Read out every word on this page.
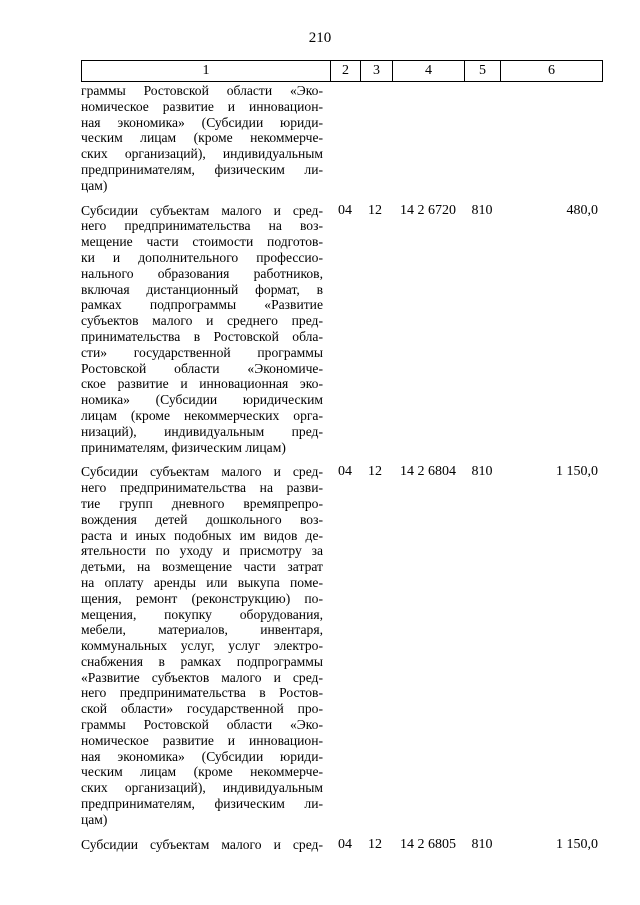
210
1	2	3	4	5	6
граммы Ростовской области «Эко-
номическое развитие и инновацион-
ная экономика» (Субсидии юриди-
ческим лицам (кроме некоммерче-
ских организаций), индивидуальным
предпринимателям, физическим ли-
цам)
Субсидии субъектам малого и сред-
него предпринимательства на воз-
мещение части стоимости подготов-
ки и дополнительного профессио-
нального образования работников,
включая дистанционный формат, в
рамках подпрограммы «Развитие
субъектов малого и среднего пред-
принимательства в Ростовской обла-
сти» государственной программы
Ростовской области «Экономиче-
ское развитие и инновационная эко-
номика» (Субсидии юридическим
лицам (кроме некоммерческих орга-
низаций), индивидуальным пред-
принимателям, физическим лицам)
04	12	14 2 6720	810	480,0
Субсидии субъектам малого и сред-
него предпринимательства на разви-
тие групп дневного времяпрепро-
вождения детей дошкольного воз-
раста и иных подобных им видов де-
ятельности по уходу и присмотру за
детьми, на возмещение части затрат
на оплату аренды или выкупа поме-
щения, ремонт (реконструкцию) по-
мещения, покупку оборудования,
мебели, материалов, инвентаря,
коммунальных услуг, услуг электро-
снабжения в рамках подпрограммы
«Развитие субъектов малого и сред-
него предпринимательства в Ростов-
ской области» государственной про-
граммы Ростовской области «Эко-
номическое развитие и инновацион-
ная экономика» (Субсидии юриди-
ческим лицам (кроме некоммерче-
ских организаций), индивидуальным
предпринимателям, физическим ли-
цам)
04	12	14 2 6804	810	1 150,0
Субсидии субъектам малого и сред-	04	12	14 2 6805	810	1 150,0
